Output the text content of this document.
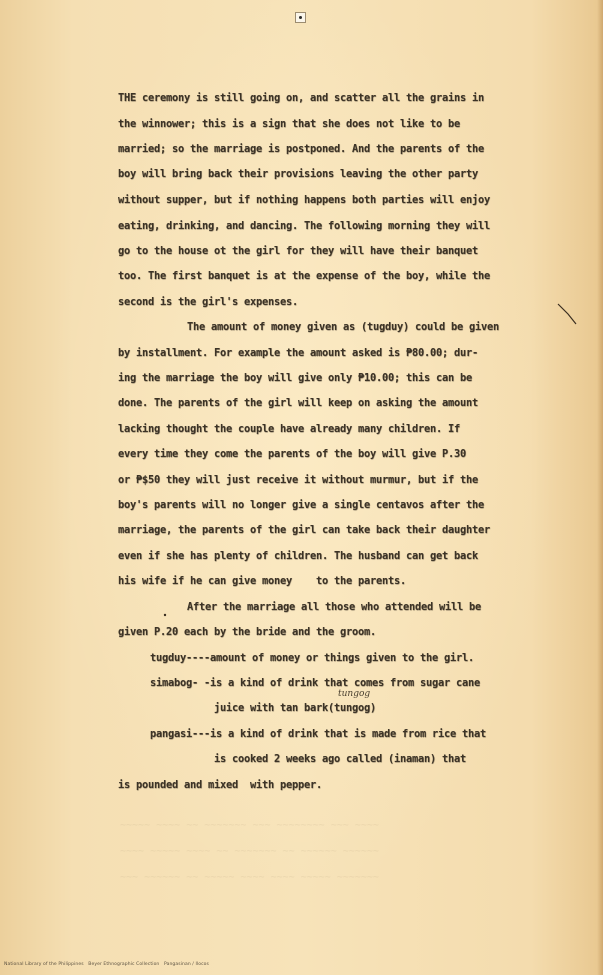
~~~~~ ~~~~ ~~ ~~~~~~~ ~~~ ~~~~~~~~ ~~~ ~~~~
~~~~ ~~~~~ ~~~~ ~~ ~~~~~~~ ~~ ~~~~~~ ~~~~~~
~~~ ~~~~~~ ~~ ~~~~~ ~~~~ ~~~~ ~~~~~ ~~~~~~~
THE ceremony is still going on, and scatter all the grains in
the winnower; this is a sign that she does not like to be
married; so the marriage is postponed. And the parents of the
boy will bring back their provisions leaving the other party
without supper, but if nothing happens both parties will enjoy
eating, drinking, and dancing. The following morning they will
go to the house ot the girl for they will have their banquet
too. The first banquet is at the expense of the boy, while the
second is the girl's expenses.
The amount of money given as (tugduy) could be given
by installment. For example the amount asked is ₱80.00; dur-
ing the marriage the boy will give only ₱10.00; this can be
done. The parents of the girl will keep on asking the amount
lacking thought the couple have already many children. If
every time they come the parents of the boy will give P.30
or ₱$50 they will just receive it without murmur, but if the
boy's parents will no longer give a single centavos after the
marriage, the parents of the girl can take back their daughter
even if she has plenty of children. The husband can get back
his wife if he can give money    to the parents.
After the marriage all those who attended will be
given P.20 each by the bride and the groom.
tugduy----amount of money or things given to the girl.
simabog- -is a kind of drink that comes from sugar cane
tungog
juice with tan bark(tungog)
pangasi---is a kind of drink that is made from rice that
is cooked 2 weeks ago called (inaman) that
is pounded and mixed  with pepper.
National Library of the Philippines   Beyer Ethnographic Collection   Pangasinan / Ilocos
